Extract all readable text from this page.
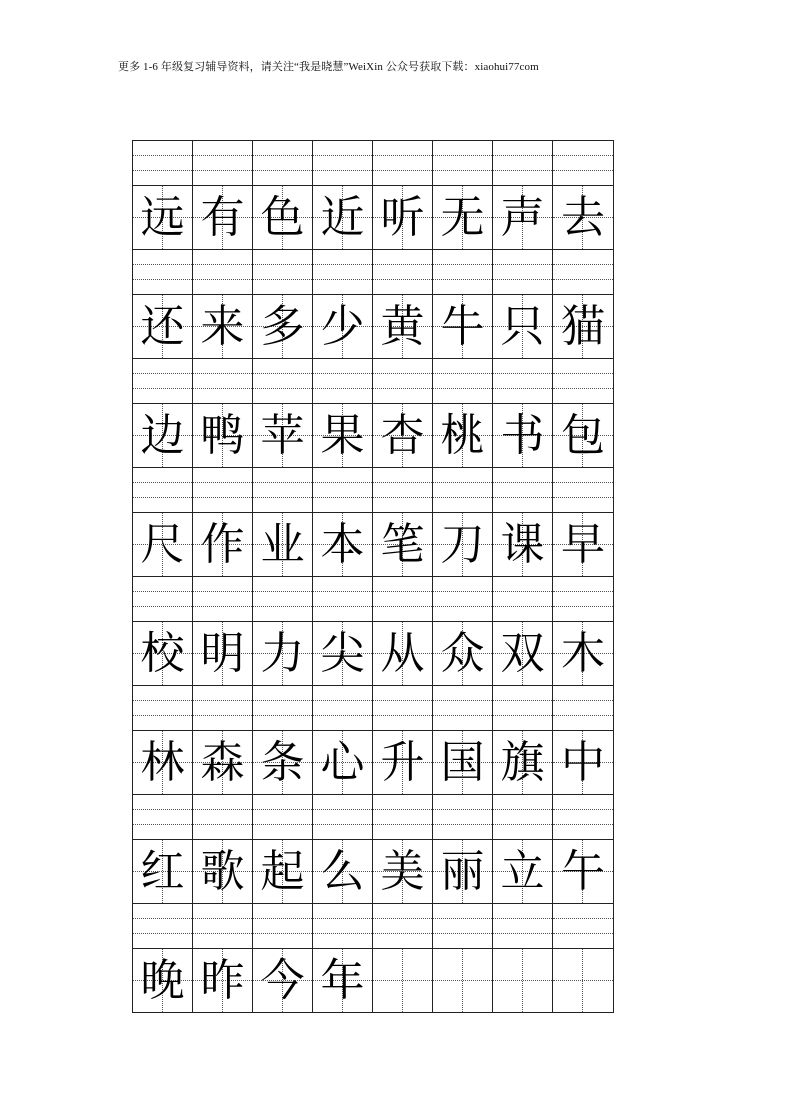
更多 1-6 年级复习辅导资料，请关注“我是晓慧”WeiXin 公众号获取下载：xiaohui77com
远 有 色 近 听 无 声 去
还 来 多 少 黄 牛 只 猫
边 鸭 苹 果 杏 桃 书 包
尺 作 业 本 笔 刀 课 早
校 明 力 尖 从 众 双 木
林 森 条 心 升 国 旗 中
红 歌 起 么 美 丽 立 午
晚 昨 今 年
